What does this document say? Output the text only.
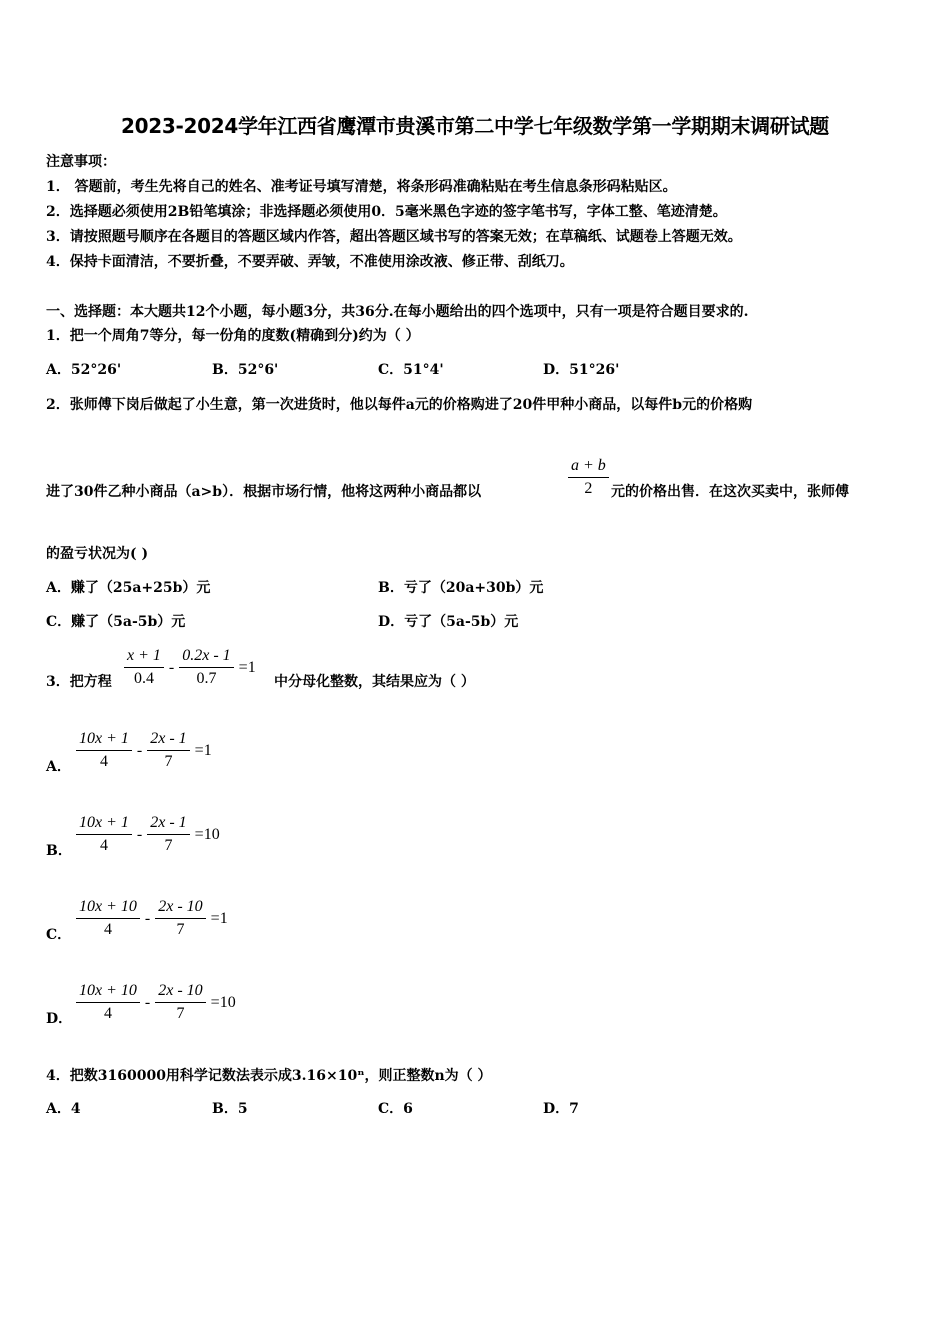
2023-2024学年江西省鹰潭市贵溪市第二中学七年级数学第一学期期末调研试题
注意事项：
1． 答题前，考生先将自己的姓名、准考证号填写清楚，将条形码准确粘贴在考生信息条形码粘贴区。
2．选择题必须使用2B铅笔填涂；非选择题必须使用0．5毫米黑色字迹的签字笔书写，字体工整、笔迹清楚。
3．请按照题号顺序在各题目的答题区域内作答，超出答题区域书写的答案无效；在草稿纸、试题卷上答题无效。
4．保持卡面清洁，不要折叠，不要弄破、弄皱，不准使用涂改液、修正带、刮纸刀。
一、选择题：本大题共12个小题，每小题3分，共36分.在每小题给出的四个选项中，只有一项是符合题目要求的.
1．把一个周角7等分，每一份角的度数(精确到分)约为（ ）
A．52°26'	B．52°6'	C．51°4'	D．51°26'
2．张师傅下岗后做起了小生意，第一次进货时，他以每件a元的价格购进了20件甲种小商品，以每件b元的价格购
进了30件乙种小商品（a>b）．根据市场行情，他将这两种小商品都以	$\frac{a + b}{2}$ 元的价格出售．在这次买卖中，张师傅
的盈亏状况为( )
A．赚了（25a+25b）元	B．亏了（20a+30b）元
C．赚了（5a-5b）元	D．亏了（5a-5b）元
3．把方程 $\frac{x + 1}{0.4} - \frac{0.2x - 1}{0.7} =1$
中分母化整数，其结果应为（ ）
A． $\frac{10x + 1}{4} - \frac{2x - 1}{7} =1$
B． $\frac{10x + 1}{4} - \frac{2x - 1}{7} =10$
C． $\frac{10x + 10}{4} - \frac{2x - 10}{7} =1$
D． $\frac{10x + 10}{4} - \frac{2x - 10}{7} =10$
4．把数3160000用科学记数法表示成3.16×10ⁿ，则正整数n为（ ）
A．4	B．5	C．6	D．7
